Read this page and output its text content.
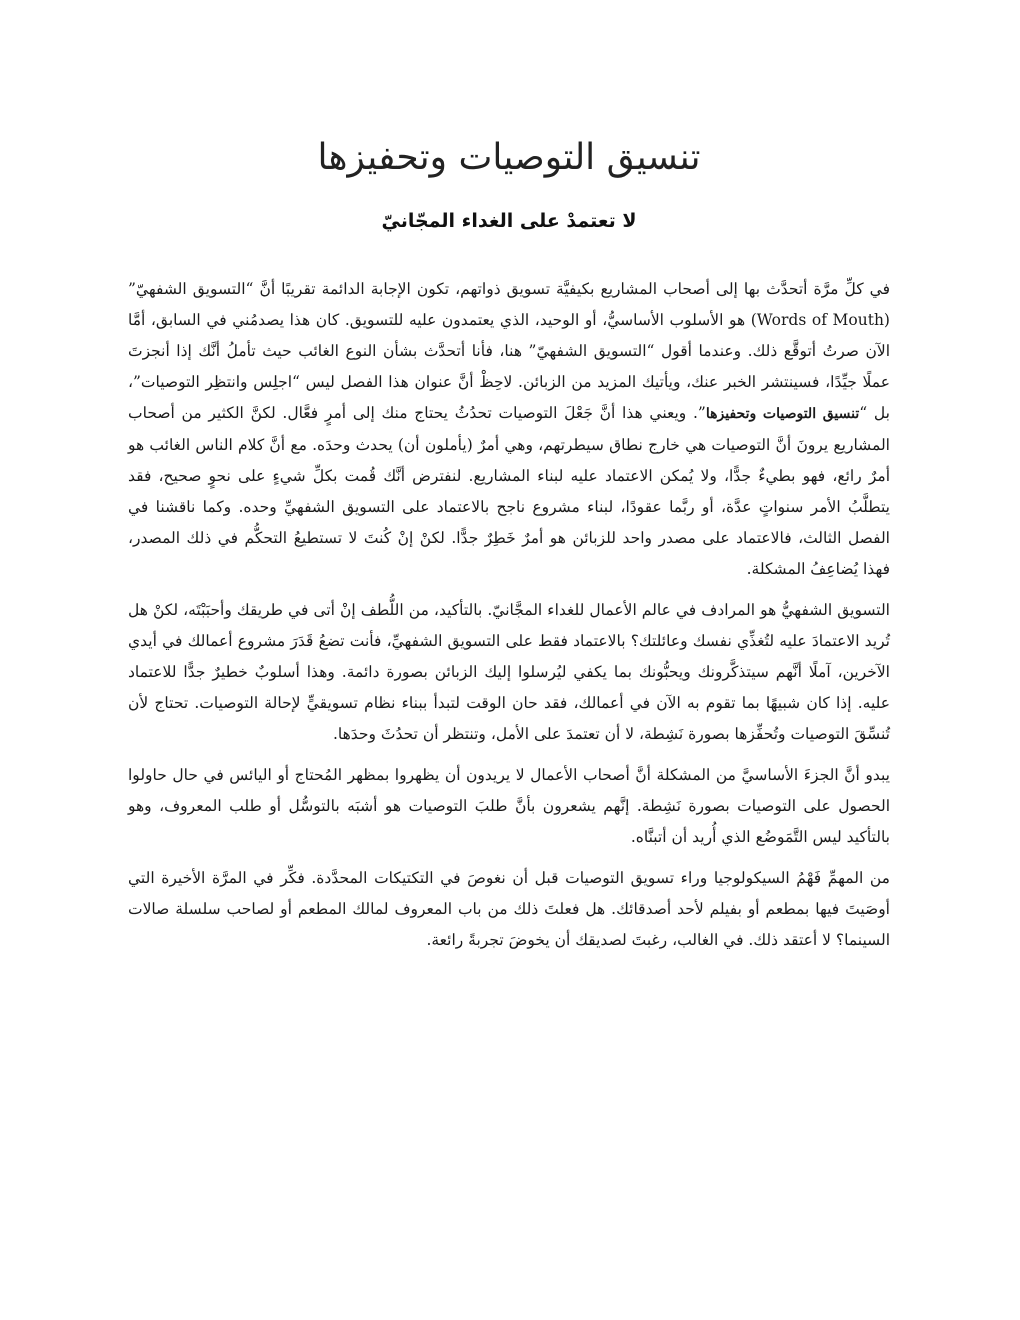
تنسيق التوصيات وتحفيزها
لا تعتمدْ على الغداء المجّانيّ

في كلِّ مرَّة أتحدَّث بها إلى أصحاب المشاريع بكيفيَّة تسويق ذواتهم، تكون الإجابة الدائمة تقريبًا أنَّ “التسويق الشفهيّ” (Words of Mouth) هو الأسلوب الأساسيُّ، أو الوحيد، الذي يعتمدون عليه للتسويق. كان هذا يصدمُني في السابق، أمَّا الآن صرتُ أتوقَّع ذلك. وعندما أقول “التسويق الشفهيّ” هنا، فأنا أتحدَّث بشأن النوع الغائب حيث تأملُ أنَّك إذا أنجزتَ عملًا جيِّدًا، فسينتشر الخبر عنك، ويأتيك المزيد من الزبائن. لاحِظْ أنَّ عنوان هذا الفصل ليس “اجلِس وانتظِر التوصيات”، بل “تنسيق التوصيات وتحفيزها”. ويعني هذا أنَّ جَعْلَ التوصيات تحدُثُ يحتاج منك إلى أمرٍ فعَّال. لكنَّ الكثير من أصحاب المشاريع يرونَ أنَّ التوصيات هي خارج نطاق سيطرتهم، وهي أمرٌ (يأملون أن) يحدث وحدَه. مع أنَّ كلام الناس الغائب هو أمرٌ رائع، فهو بطيءٌ جدًّا، ولا يُمكن الاعتماد عليه لبناء المشاريع. لنفترض أنَّك قُمت بكلِّ شيءٍ على نحوٍ صحيح، فقد يتطلَّبُ الأمر سنواتٍ عدَّة، أو ربَّما عقودًا، لبناء مشروع ناجح بالاعتماد على التسويق الشفهيِّ وحده. وكما ناقشنا في الفصل الثالث، فالاعتماد على مصدر واحد للزبائن هو أمرٌ خَطِرٌ جدًّا. لكنْ إنْ كُنتَ لا تستطيعُ التحكُّم في ذلك المصدر، فهذا يُضاعِفُ المشكلة.

التسويق الشفهيُّ هو المرادف في عالم الأعمال للغداء المجَّانيّ. بالتأكيد، من اللُّطف إنْ أتى في طريقك وأحبَبْتَه، لكنْ هل تُريد الاعتمادَ عليه لتُغذِّي نفسك وعائلتك؟ بالاعتماد فقط على التسويق الشفهيِّ، فأنت تضعُ قَدَرَ مشروع أعمالك في أيدي الآخرين، آملًا أنَّهم سيتذكَّرونك ويحبُّونك بما يكفي ليُرسلوا إليك الزبائن بصورة دائمة. وهذا أسلوبٌ خطيرٌ جدًّا للاعتماد عليه. إذا كان شبيهًا بما تقوم به الآن في أعمالك، فقد حان الوقت لتبدأ ببناء نظام تسويقيٍّ لإحالة التوصيات. تحتاج لأن تُنسِّقَ التوصيات وتُحفِّزها بصورة نَشِطة، لا أن تعتمدَ على الأمل، وتنتظر أن تحدُثَ وحدَها.

يبدو أنَّ الجزءَ الأساسيَّ من المشكلة أنَّ أصحاب الأعمال لا يريدون أن يظهروا بمظهر المُحتاج أو اليائس في حال حاولوا الحصول على التوصيات بصورة نَشِطة. إنَّهم يشعرون بأنَّ طلبَ التوصيات هو أشبَه بالتوسُّل أو طلب المعروف، وهو بالتأكيد ليس التَّمَوضُع الذي أُريد أن أتبنَّاه.

من المهمِّ فَهْمُ السيكولوجيا وراء تسويق التوصيات قبل أن نغوصَ في التكتيكات المحدَّدة. فكِّر في المرَّة الأخيرة التي أوصَيتَ فيها بمطعم أو بفيلم لأحد أصدقائك. هل فعلتَ ذلك من باب المعروف لمالك المطعم أو لصاحب سلسلة صالات السينما؟ لا أعتقد ذلك. في الغالب، رغبتَ لصديقك أن يخوضَ تجربةً رائعة.
